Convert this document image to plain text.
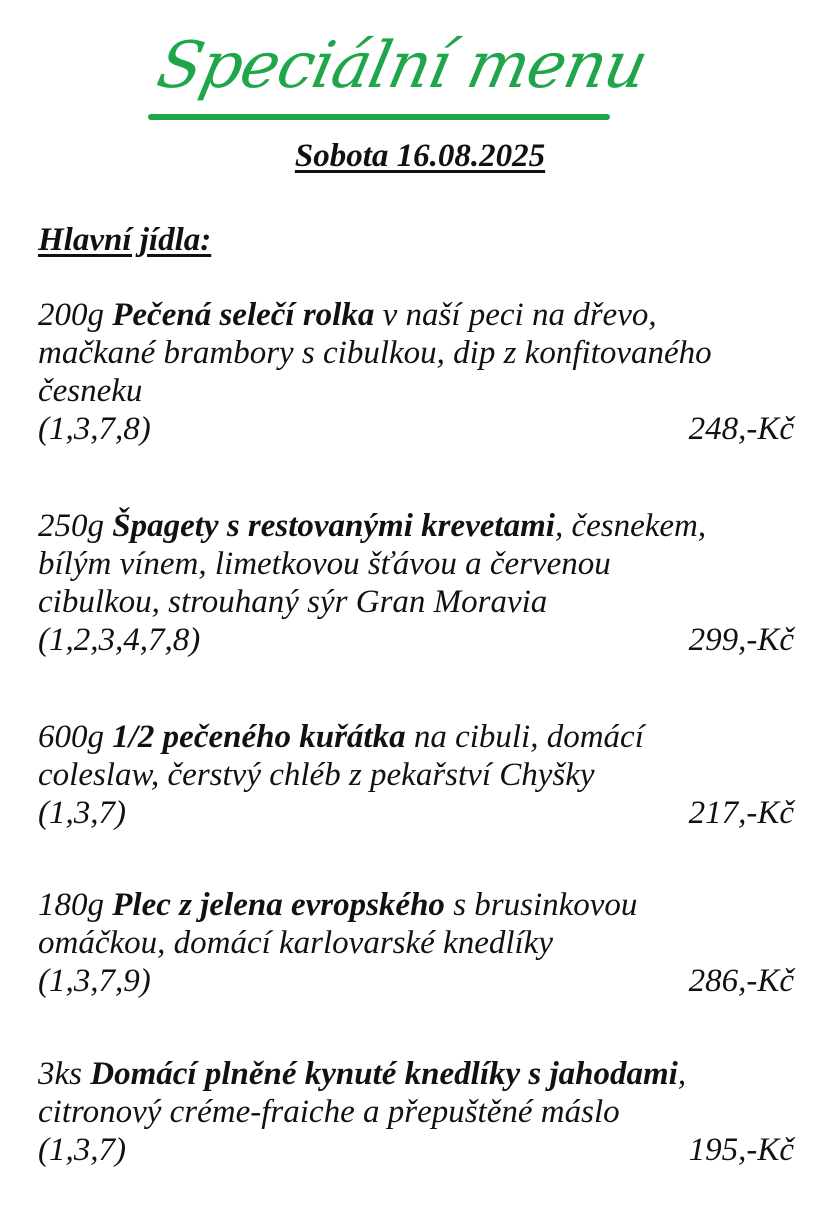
Speciální menu
Sobota 16.08.2025
Hlavní jídla:
200g Pečená selečí rolka v naší peci na dřevo,
mačkané brambory s cibulkou, dip z konfitovaného
česneku
(1,3,7,8)	248,-Kč
250g Špagety s restovanými krevetami, česnekem,
bílým vínem, limetkovou šťávou a červenou
cibulkou, strouhaný sýr Gran Moravia
(1,2,3,4,7,8)	299,-Kč
600g 1/2 pečeného kuřátka na cibuli, domácí
coleslaw, čerstvý chléb z pekařství Chyšky
(1,3,7)	217,-Kč
180g Plec z jelena evropského s brusinkovou
omáčkou, domácí karlovarské knedlíky
(1,3,7,9)	286,-Kč
3ks Domácí plněné kynuté knedlíky s jahodami,
citronový créme-fraiche a přepuštěné máslo
(1,3,7)	195,-Kč
